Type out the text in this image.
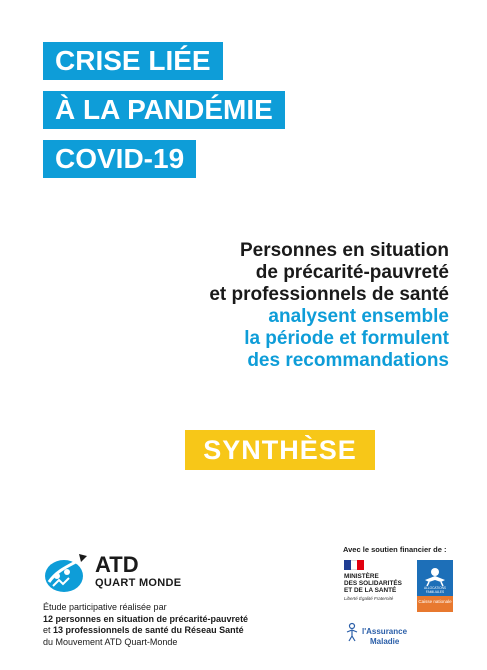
CRISE LIÉE
À LA PANDÉMIE
COVID-19
Personnes en situation
de précarité-pauvreté
et professionnels de santé
analysent ensemble
la période et formulent
des recommandations
SYNTHÈSE
ATD
QUART MONDE
Étude participative réalisée par
12 personnes en situation de précarité-pauvreté
et 13 professionnels de santé du Réseau Santé
du Mouvement ATD Quart-Monde
Avec le soutien financier de :
MINISTÈRE
DES SOLIDARITÉS
ET DE LA SANTÉ
Liberté Égalité Fraternité
ALLOCATIONS FAMILIALES
Caisse nationale
l'Assurance
Maladie
